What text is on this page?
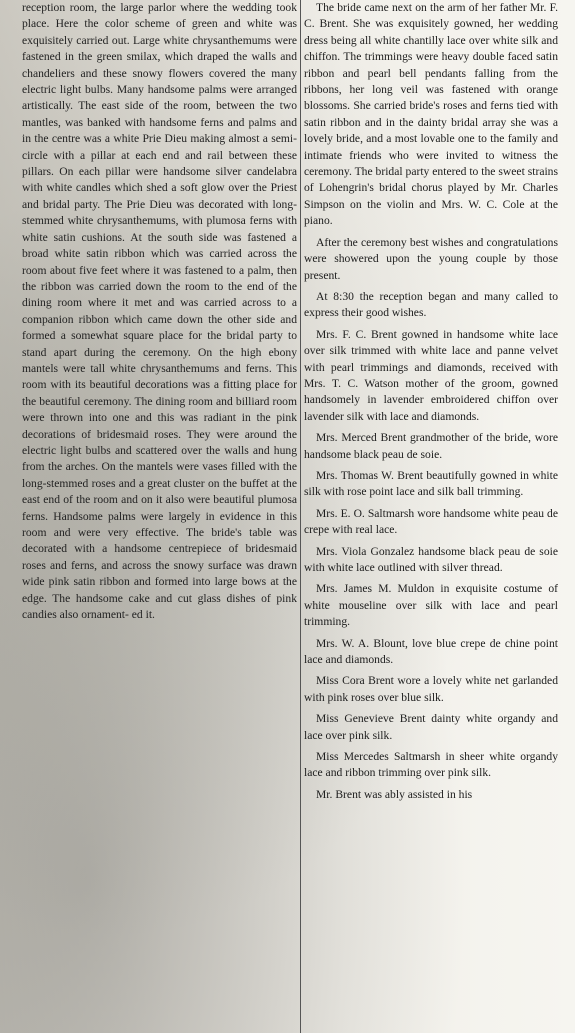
reception room, the large parlor where the wedding took place. Here the color scheme of green and white was exquisitely carried out. Large white chrysanthemums were fastened in the green smilax, which draped the walls and chandeliers and these snowy flowers covered the many electric light bulbs. Many handsome palms were arranged artistically. The east side of the room, between the two mantles, was banked with handsome ferns and palms and in the centre was a white Prie Dieu making almost a semi-circle with a pillar at each end and rail between these pillars. On each pillar were handsome silver candelabra with white candles which shed a soft glow over the Priest and bridal party. The Prie Dieu was decorated with long-stemmed white chrysanthemums, with plumosa ferns with white satin cushions. At the south side was fastened a broad white satin ribbon which was carried across the room about five feet where it was fastened to a palm, then the ribbon was carried down the room to the end of the dining room where it met and was carried across to a companion ribbon which came down the other side and formed a somewhat square place for the bridal party to stand apart during the ceremony. On the high ebony mantels were tall white chrysanthemums and ferns. This room with its beautiful decorations was a fitting place for the beautiful ceremony. The dining room and billiard room were thrown into one and this was radiant in the pink decorations of bridesmaid roses. They were around the electric light bulbs and scattered over the walls and hung from the arches. On the mantels were vases filled with the long-stemmed roses and a great cluster on the buffet at the east end of the room and on it also were beautiful plumosa ferns. Handsome palms were largely in evidence in this room and were very effective. The bride's table was decorated with a handsome centrepiece of bridesmaid roses and ferns, and across the snowy surface was drawn wide pink satin ribbon and formed into large bows at the edge. The handsome cake and cut glass dishes of pink candies also ornament- ed it.

The bride came next on the arm of her father Mr. F. C. Brent. She was exquisitely gowned, her wedding dress being all white chantilly lace over white silk and chiffon. The trimmings were heavy double faced satin ribbon and pearl bell pendants falling from the ribbons, her long veil was fastened with orange blossoms. She carried bride's roses and ferns tied with satin ribbon and in the dainty bridal array she was a lovely bride, and a most lovable one to the family and intimate friends who were invited to witness the ceremony. The bridal party entered to the sweet strains of Lohengrin's bridal chorus played by Mr. Charles Simpson on the violin and Mrs. W. C. Cole at the piano.

After the ceremony best wishes and congratulations were showered upon the young couple by those present.

At 8:30 the reception began and many called to express their good wishes.

Mrs. F. C. Brent gowned in handsome white lace over silk trimmed with white lace and panne velvet with pearl trimmings and diamonds, received with Mrs. T. C. Watson mother of the groom, gowned handsomely in lavender embroidered chiffon over lavender silk with lace and diamonds.

Mrs. Merced Brent grandmother of the bride, wore handsome black peau de soie.

Mrs. Thomas W. Brent beautifully gowned in white silk with rose point lace and silk ball trimming.

Mrs. E. O. Saltmarsh wore handsome white peau de crepe with real lace.

Mrs. Viola Gonzalez handsome black peau de soie with white lace outlined with silver thread.

Mrs. James M. Muldon in exquisite costume of white mouseline over silk with lace and pearl trimming.

Mrs. W. A. Blount, love blue crepe de chine point lace and diamonds.

Miss Cora Brent wore a lovely white net garlanded with pink roses over blue silk.

Miss Genevieve Brent dainty white organdy and lace over pink silk.

Miss Mercedes Saltmarsh in sheer white organdy lace and ribbon trimming over pink silk.

Mr. Brent was ably assisted in his
